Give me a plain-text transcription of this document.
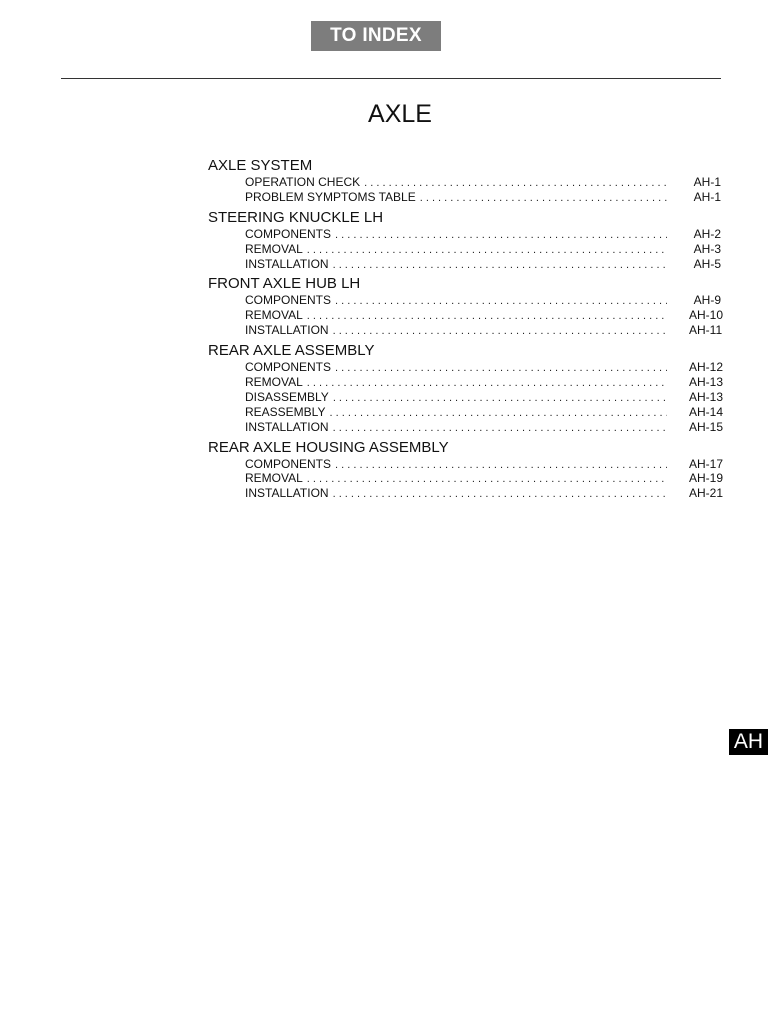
TO INDEX
AXLE
AXLE SYSTEM
OPERATION CHECK . . .	AH-1
PROBLEM SYMPTOMS TABLE . . .	AH-1
STEERING KNUCKLE LH
COMPONENTS . . .	AH-2
REMOVAL . . .	AH-3
INSTALLATION . . .	AH-5
FRONT AXLE HUB LH
COMPONENTS . . .	AH-9
REMOVAL . . .	AH-10
INSTALLATION . . .	AH-11
REAR AXLE ASSEMBLY
COMPONENTS . . .	AH-12
REMOVAL . . .	AH-13
DISASSEMBLY . . .	AH-13
REASSEMBLY . . .	AH-14
INSTALLATION . . .	AH-15
REAR AXLE HOUSING ASSEMBLY
COMPONENTS . . .	AH-17
REMOVAL . . .	AH-19
INSTALLATION . . .	AH-21
AH
